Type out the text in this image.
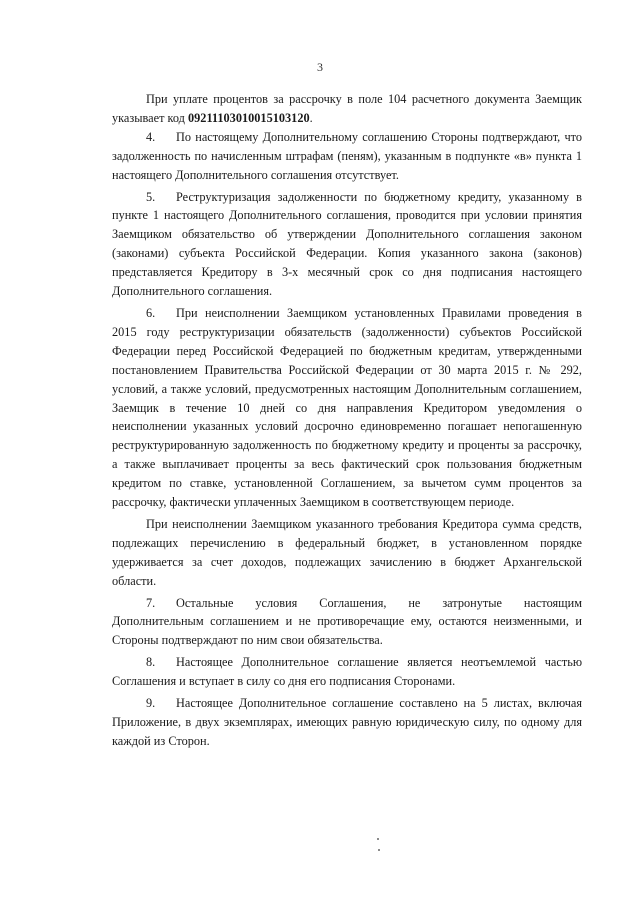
3

При уплате процентов за рассрочку в поле 104 расчетного документа Заемщик указывает код 09211103010015103120.

4. По настоящему Дополнительному соглашению Стороны подтверждают, что задолженность по начисленным штрафам (пеням), указанным в подпункте «в» пункта 1 настоящего Дополнительного соглашения отсутствует.

5. Реструктуризация задолженности по бюджетному кредиту, указанному в пункте 1 настоящего Дополнительного соглашения, проводится при условии принятия Заемщиком обязательство об утверждении Дополнительного соглашения законом (законами) субъекта Российской Федерации. Копия указанного закона (законов) представляется Кредитору в 3-х месячный срок со дня подписания настоящего Дополнительного соглашения.

6. При неисполнении Заемщиком установленных Правилами проведения в 2015 году реструктуризации обязательств (задолженности) субъектов Российской Федерации перед Российской Федерацией по бюджетным кредитам, утвержденными постановлением Правительства Российской Федерации от 30 марта 2015 г. № 292, условий, а также условий, предусмотренных настоящим Дополнительным соглашением, Заемщик в течение 10 дней со дня направления Кредитором уведомления о неисполнении указанных условий досрочно единовременно погашает непогашенную реструктурированную задолженность по бюджетному кредиту и проценты за рассрочку, а также выплачивает проценты за весь фактический срок пользования бюджетным кредитом по ставке, установленной Соглашением, за вычетом сумм процентов за рассрочку, фактически уплаченных Заемщиком в соответствующем периоде.

При неисполнении Заемщиком указанного требования Кредитора сумма средств, подлежащих перечислению в федеральный бюджет, в установленном порядке удерживается за счет доходов, подлежащих зачислению в бюджет Архангельской области.

7. Остальные условия Соглашения, не затронутые настоящим Дополнительным соглашением и не противоречащие ему, остаются неизменными, и Стороны подтверждают по ним свои обязательства.

8. Настоящее Дополнительное соглашение является неотъемлемой частью Соглашения и вступает в силу со дня его подписания Сторонами.

9. Настоящее Дополнительное соглашение составлено на 5 листах, включая Приложение, в двух экземплярах, имеющих равную юридическую силу, по одному для каждой из Сторон.
